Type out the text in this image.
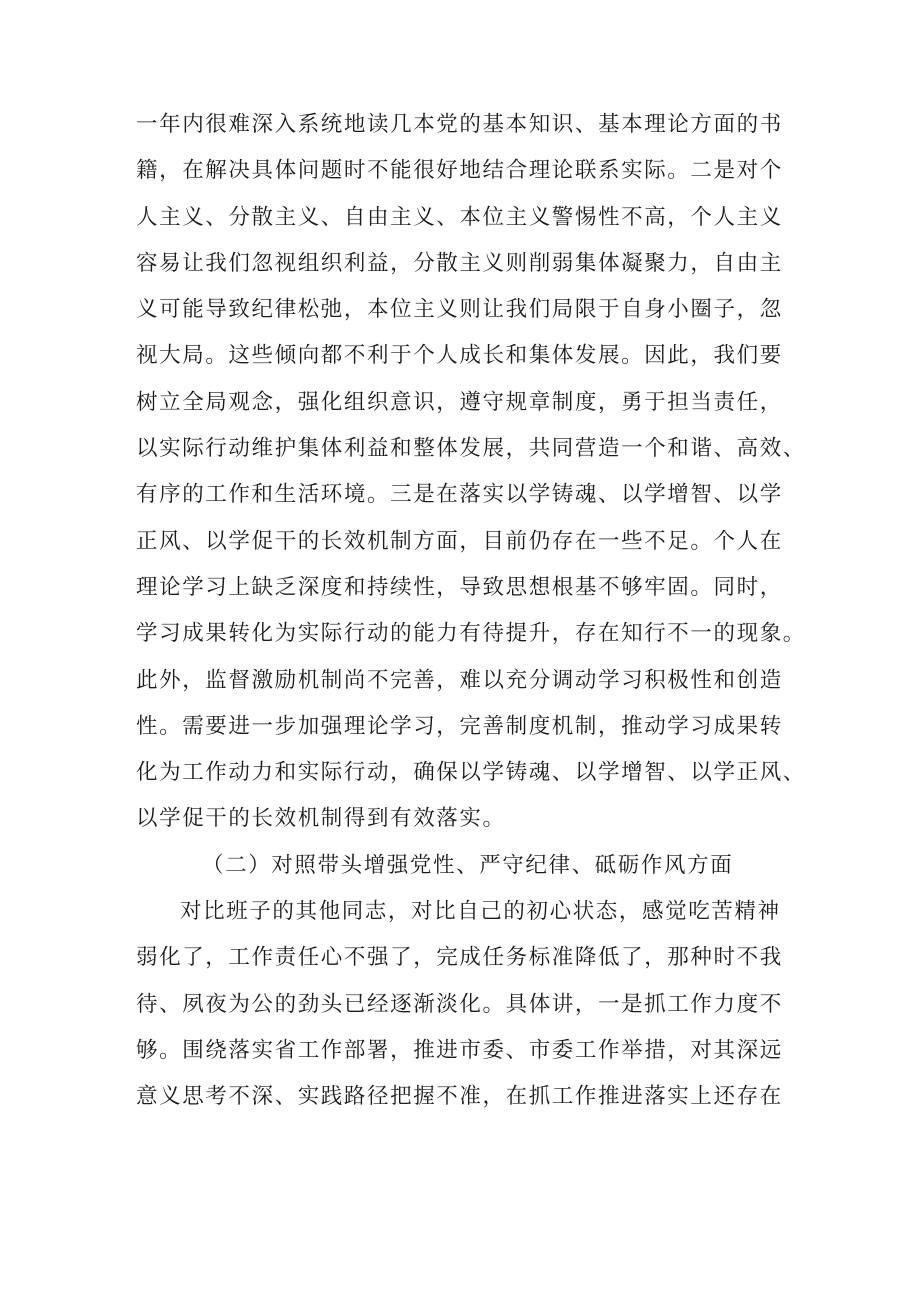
一年内很难深入系统地读几本党的基本知识、基本理论方面的书
籍，在解决具体问题时不能很好地结合理论联系实际。二是对个
人主义、分散主义、自由主义、本位主义警惕性不高，个人主义
容易让我们忽视组织利益，分散主义则削弱集体凝聚力，自由主
义可能导致纪律松弛，本位主义则让我们局限于自身小圈子，忽
视大局。这些倾向都不利于个人成长和集体发展。因此，我们要
树立全局观念，强化组织意识，遵守规章制度，勇于担当责任，
以实际行动维护集体利益和整体发展，共同营造一个和谐、高效、
有序的工作和生活环境。三是在落实以学铸魂、以学增智、以学
正风、以学促干的长效机制方面，目前仍存在一些不足。个人在
理论学习上缺乏深度和持续性，导致思想根基不够牢固。同时，
学习成果转化为实际行动的能力有待提升，存在知行不一的现象。
此外，监督激励机制尚不完善，难以充分调动学习积极性和创造
性。需要进一步加强理论学习，完善制度机制，推动学习成果转
化为工作动力和实际行动，确保以学铸魂、以学增智、以学正风、
以学促干的长效机制得到有效落实。
（二）对照带头增强党性、严守纪律、砥砺作风方面
对比班子的其他同志，对比自己的初心状态，感觉吃苦精神
弱化了，工作责任心不强了，完成任务标准降低了，那种时不我
待、夙夜为公的劲头已经逐渐淡化。具体讲，一是抓工作力度不
够。围绕落实省工作部署，推进市委、市委工作举措，对其深远
意义思考不深、实践路径把握不准，在抓工作推进落实上还存在
